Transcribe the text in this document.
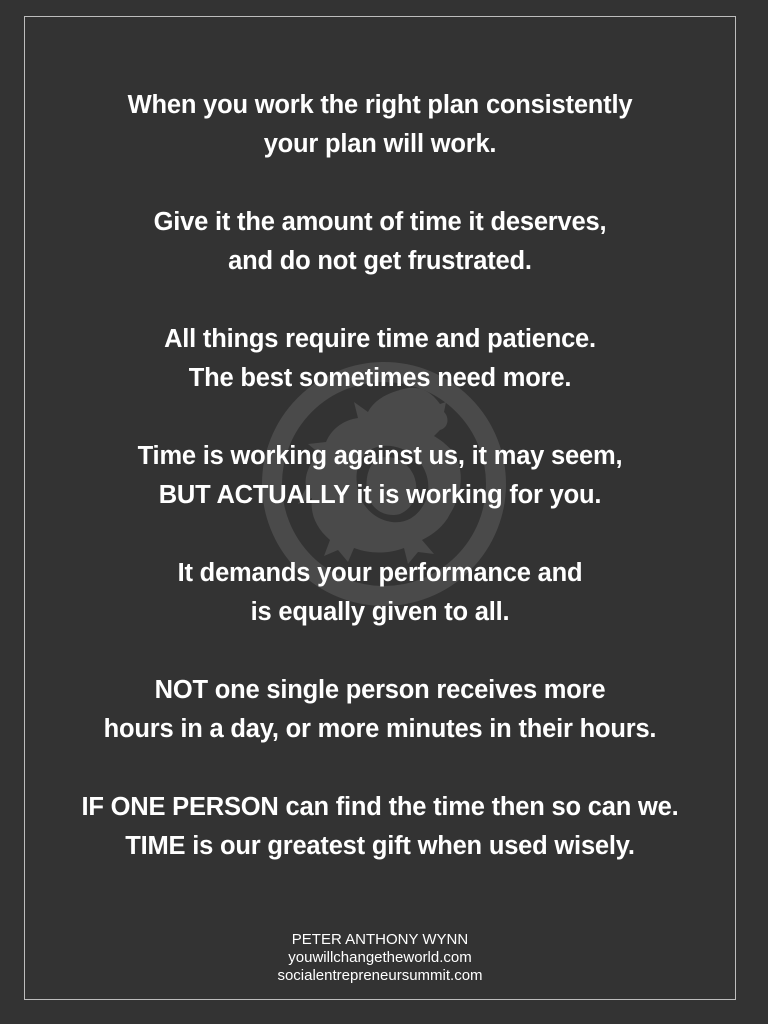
When you work the right plan consistently
your plan will work.

Give it the amount of time it deserves,
and do not get frustrated.

All things require time and patience.
The best sometimes need more.

Time is working against us, it may seem,
BUT ACTUALLY it is working for you.

It demands your performance and
is equally given to all.

NOT one single person receives more
hours in a day, or more minutes in their hours.

IF ONE PERSON can find the time then so can we.
TIME is our greatest gift when used wisely.

PETER ANTHONY WYNN
youwillchangetheworld.com
socialentrepreneursummit.com
